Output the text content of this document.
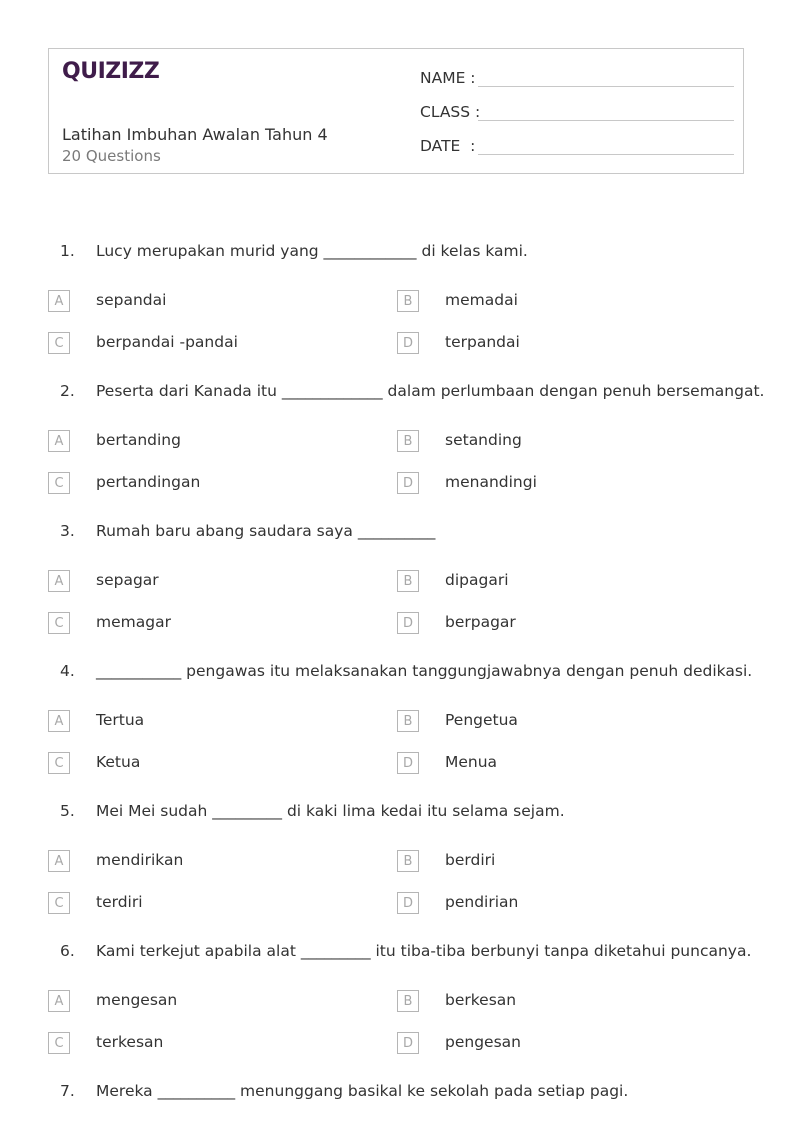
QUIZIZZ
Latihan Imbuhan Awalan Tahun 4
20 Questions
NAME :
CLASS :
DATE  :
1. Lucy merupakan murid yang ____________ di kelas kami.
A	sepandai	B	memadai
C	berpandai -pandai	D	terpandai
2. Peserta dari Kanada itu _____________ dalam perlumbaan dengan penuh bersemangat.
A	bertanding	B	setanding
C	pertandingan	D	menandingi
3. Rumah baru abang saudara saya __________
A	sepagar	B	dipagari
C	memagar	D	berpagar
4. ___________ pengawas itu melaksanakan tanggungjawabnya dengan penuh dedikasi.
A	Tertua	B	Pengetua
C	Ketua	D	Menua
5. Mei Mei sudah _________ di kaki lima kedai itu selama sejam.
A	mendirikan	B	berdiri
C	terdiri	D	pendirian
6. Kami terkejut apabila alat _________ itu tiba-tiba berbunyi tanpa diketahui puncanya.
A	mengesan	B	berkesan
C	terkesan	D	pengesan
7. Mereka __________ menunggang basikal ke sekolah pada setiap pagi.
